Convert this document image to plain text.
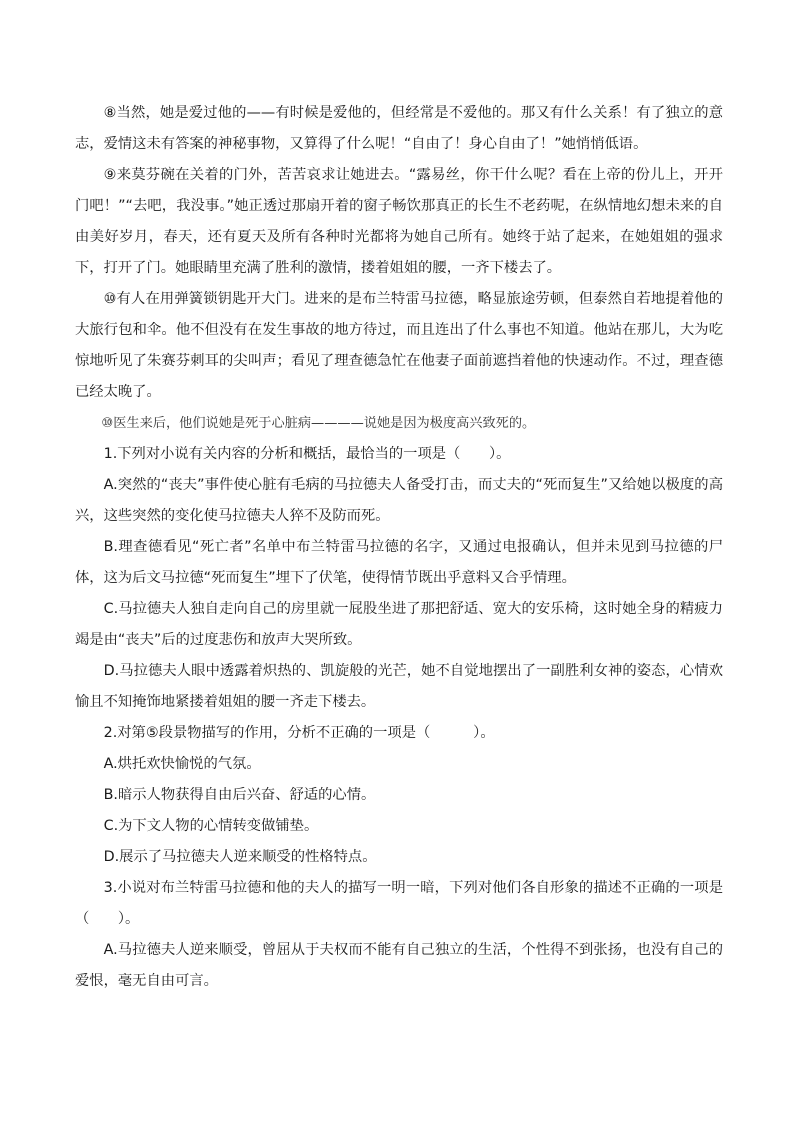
⑧当然，她是爱过他的——有时候是爱他的，但经常是不爱他的。那又有什么关系！有了独立的意志，爱情这未有答案的神秘事物，又算得了什么呢！“自由了！身心自由了！”她悄悄低语。

⑨来莫芬碗在关着的门外，苦苦哀求让她进去。“露易丝，你干什么呢？看在上帝的份儿上，开开门吧！”“去吧，我没事。”她正透过那扇开着的窗子畅饮那真正的长生不老药呢，在纵情地幻想未来的自由美好岁月，春天，还有夏天及所有各种时光都将为她自己所有。她终于站了起来，在她姐姐的强求下，打开了门。她眼睛里充满了胜利的激情，搂着姐姐的腰，一齐下楼去了。

⑩有人在用弹簧锁钥匙开大门。进来的是布兰特雷马拉德，略显旅途劳顿，但泰然自若地提着他的大旅行包和伞。他不但没有在发生事故的地方待过，而且连出了什么事也不知道。他站在那儿，大为吃惊地听见了朱赛芬刺耳的尖叫声；看见了理查德急忙在他妻子面前遮挡着他的快速动作。不过，理查德已经太晚了。

⑩医生来后，他们说她是死于心脏病————说她是因为极度高兴致死的。

1.下列对小说有关内容的分析和概括，最恰当的一项是（　　）。

A.突然的“丧夫”事件使心脏有毛病的马拉德夫人备受打击，而丈夫的“死而复生”又给她以极度的高兴，这些突然的变化使马拉德夫人猝不及防而死。

B.理查德看见“死亡者”名单中布兰特雷马拉德的名字，又通过电报确认，但并未见到马拉德的尸体，这为后文马拉德“死而复生”埋下了伏笔，使得情节既出乎意料又合乎情理。

C.马拉德夫人独自走向自己的房里就一屁股坐进了那把舒适、宽大的安乐椅，这时她全身的精疲力竭是由“丧夫”后的过度悲伤和放声大哭所致。

D.马拉德夫人眼中透露着炽热的、凯旋般的光芒，她不自觉地摆出了一副胜利女神的姿态，心情欢愉且不知掩饰地紧搂着姐姐的腰一齐走下楼去。

2.对第⑤段景物描写的作用，分析不正确的一项是（　　　）。

A.烘托欢快愉悦的气氛。

B.暗示人物获得自由后兴奋、舒适的心情。

C.为下文人物的心情转变做铺垫。

D.展示了马拉德夫人逆来顺受的性格特点。

3.小说对布兰特雷马拉德和他的夫人的描写一明一暗，下列对他们各自形象的描述不正确的一项是（　　）。

A.马拉德夫人逆来顺受，曾屈从于夫权而不能有自己独立的生活，个性得不到张扬，也没有自己的爱恨，毫无自由可言。
